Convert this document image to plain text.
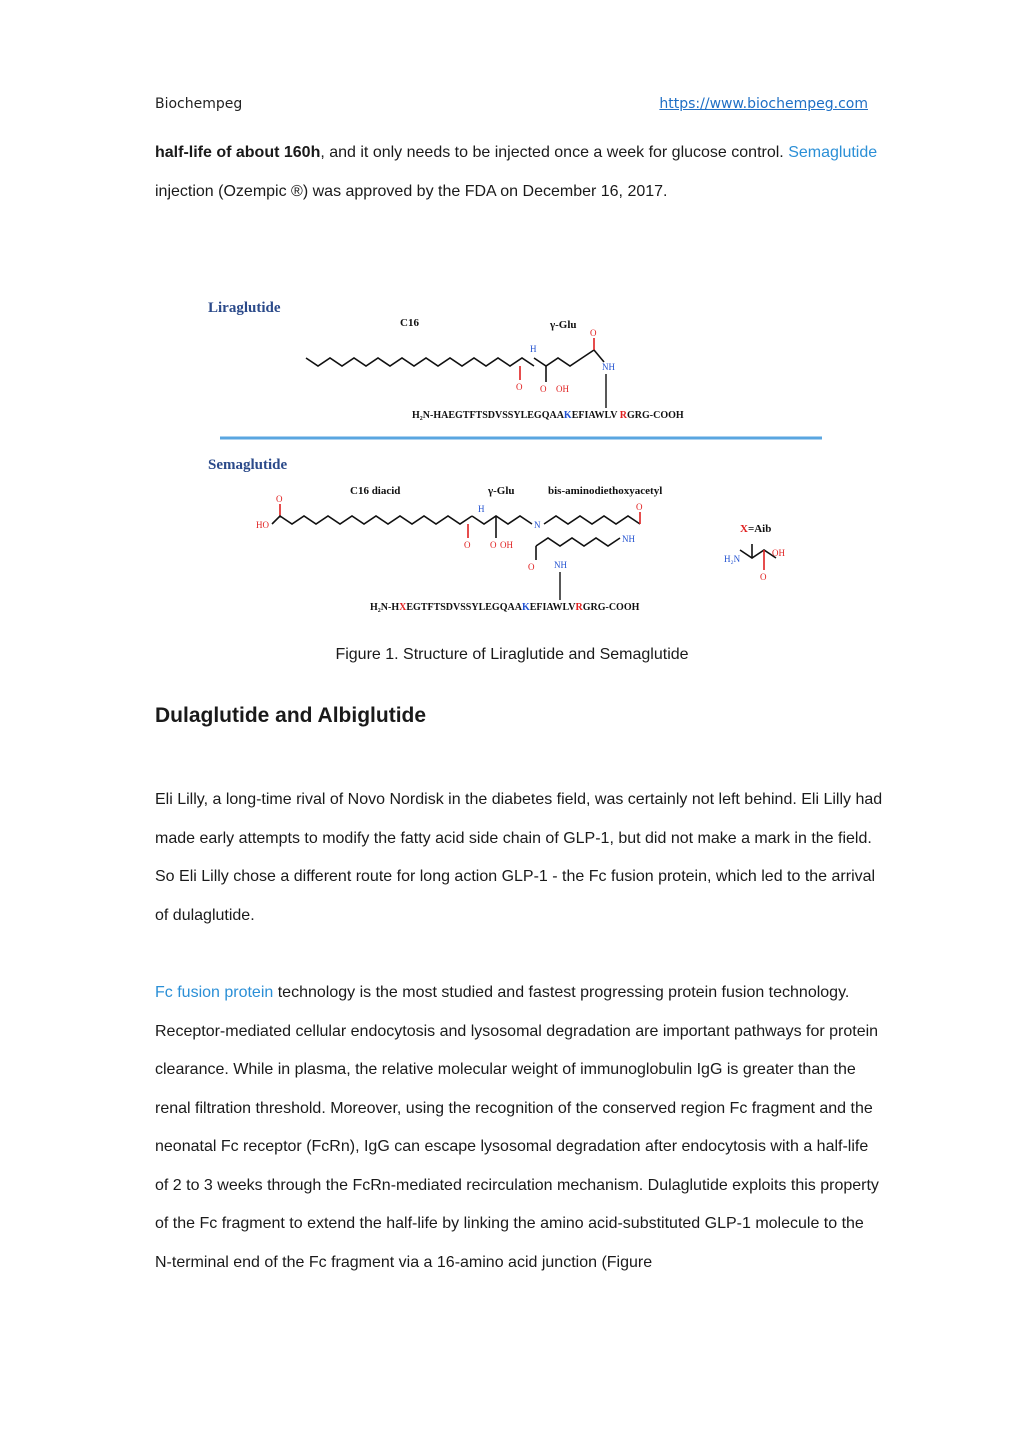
Biochempeg	https://www.biochempeg.com

half-life of about 160h, and it only needs to be injected once a week for glucose control. Semaglutide injection (Ozempic ®) was approved by the FDA on December 16, 2017.

Liraglutide
C16	γ-Glu
O
H
O OH
O
NH
H₂N-HAEGTFTSDVSSYLEGQAAKEFIAWLV RGRG-COOH
Semaglutide
C16 diacid	γ-Glu	bis-aminodiethoxyacetyl
HO
O
O
H
O OH
N
O
NH
O NH
H₂N-HXEGTFTSDVSSYLEGQAAKEFIAWLVRGRG-COOH
X=Aib
H₂N
OH
O
Figure 1. Structure of Liraglutide and Semaglutide
Dulaglutide and Albiglutide

Eli Lilly, a long-time rival of Novo Nordisk in the diabetes field, was certainly not left behind. Eli Lilly had made early attempts to modify the fatty acid side chain of GLP-1, but did not make a mark in the field. So Eli Lilly chose a different route for long action GLP-1 - the Fc fusion protein, which led to the arrival of dulaglutide.

Fc fusion protein technology is the most studied and fastest progressing protein fusion technology. Receptor-mediated cellular endocytosis and lysosomal degradation are important pathways for protein clearance. While in plasma, the relative molecular weight of immunoglobulin IgG is greater than the renal filtration threshold. Moreover, using the recognition of the conserved region Fc fragment and the neonatal Fc receptor (FcRn), IgG can escape lysosomal degradation after endocytosis with a half-life of 2 to 3 weeks through the FcRn-mediated recirculation mechanism. Dulaglutide exploits this property of the Fc fragment to extend the half-life by linking the amino acid-substituted GLP-1 molecule to the N-terminal end of the Fc fragment via a 16-amino acid junction (Figure
